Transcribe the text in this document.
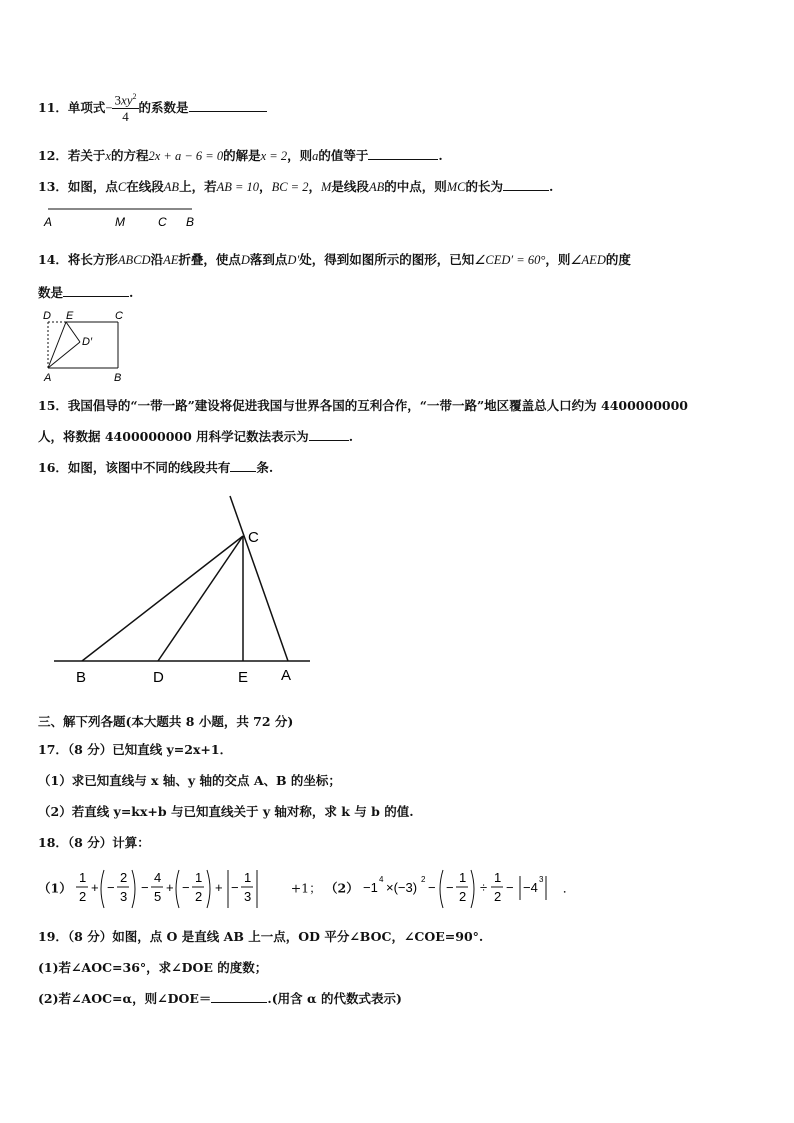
11．单项式− $\frac{3xy^2}{4}$ 的系数是
12．若关于x的方程2x + a − 6 = 0的解是x = 2，则a的值等于	.
13．如图，点C在线段AB上，若AB = 10，BC = 2，M是线段AB的中点，则MC的长为	.
A	M	C B
14．将长方形ABCD沿AE折叠，使点D落到点D′处，得到如图所示的图形，已知∠CED′ = 60°，则∠AED的度
数是	.
D E	C
D′
A	B
15．我国倡导的“一带一路”建设将促进我国与世界各国的互利合作，“一带一路”地区覆盖总人口约为 4400000000
人，将数据 4400000000 用科学记数法表示为	.
16．如图，该图中不同的线段共有 条.
C
B	D	E A
三、解下列各题(本大题共 8 小题，共 72 分)
17．（8 分）已知直线 y=2x+1．
（1）求已知直线与 x 轴、y 轴的交点 A、B 的坐标；
（2）若直线 y=kx+b 与已知直线关于 y 轴对称，求 k 与 b 的值.
18．（8 分）计算：
（1）
1
2
+ −
2
3
−
4
5
+ −
1
2
+ −
1
3
+1； （2） −1
4
×(−3)
2
− −
1
2
÷
1
2
− −4
3
．
19．（8 分）如图，点 O 是直线 AB 上一点，OD 平分∠BOC，∠COE=90°.
(1)若∠AOC=36°，求∠DOE 的度数；
(2)若∠AOC=α，则∠DOE＝	.(用含 α 的代数式表示)
